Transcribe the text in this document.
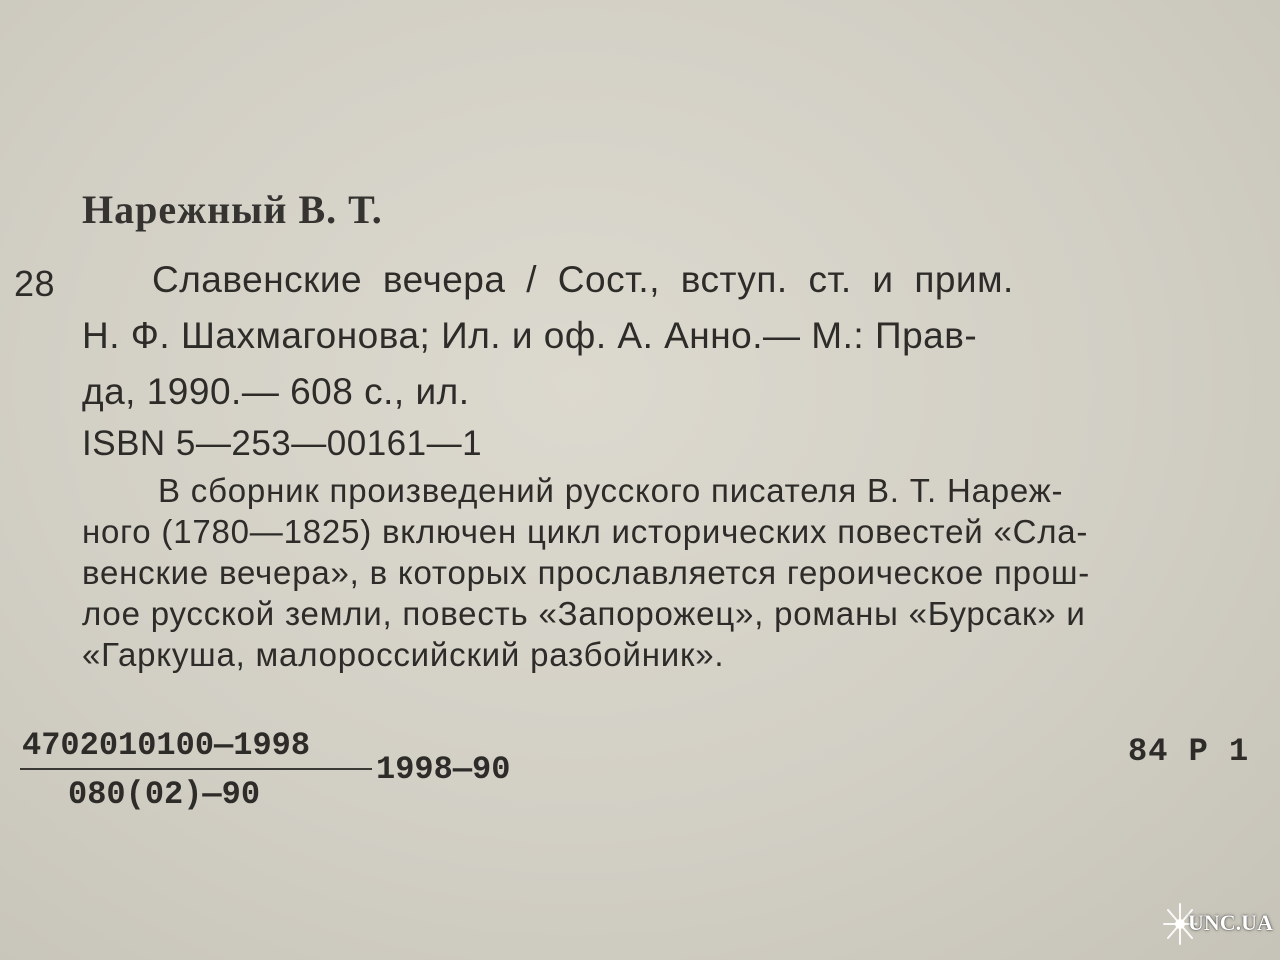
Нарежный В. Т.
28	Славенские вечера / Сост., вступ. ст. и прим.
Н. Ф. Шахмагонова; Ил. и оф. А. Анно.— М.: Прав-
да, 1990.— 608 с., ил.
ISBN 5—253—00161—1
В сборник произведений русского писателя В. Т. Нареж-
ного (1780—1825) включен цикл исторических повестей «Сла-
венские вечера», в которых прославляется героическое прош-
лое русской земли, повесть «Запорожец», романы «Бурсак» и
«Гаркуша, малороссийский разбойник».
4702010100—1998
080(02)—90
1998—90	84 Р 1
UNC.UA
